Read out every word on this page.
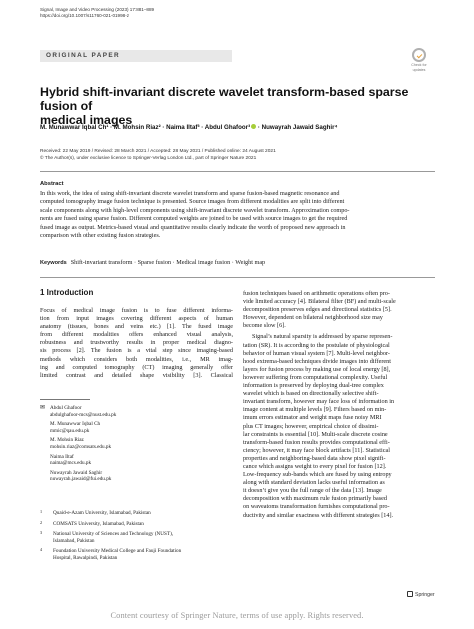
Signal, Image and Video Processing (2023) 17:881–889
https://doi.org/10.1007/s11760-021-01998-z
ORIGINAL PAPER
Check for
updates
Hybrid shift-invariant discrete wavelet transform-based sparse fusion of
medical images
M. Munawwar Iqbal Ch¹ · M. Mohsin Riaz² · Naima Iltaf³ · Abdul Ghafoor³ · Nuwayrah Jawaid Saghir⁴
Received: 22 May 2019 / Revised: 28 March 2021 / Accepted: 28 May 2021 / Published online: 24 August 2021
© The Author(s), under exclusive licence to Springer-Verlag London Ltd., part of Springer Nature 2021
Abstract
In this work, the idea of using shift-invariant discrete wavelet transform and sparse fusion-based magnetic resonance and
computed tomography image fusion technique is presented. Source images from different modalities are split into different
scale components along with high-level components using shift-invariant discrete wavelet transform. Approximation compo-
nents are fused using sparse fusion. Different computed weights are joined to be used with source images to get the required
fused image as output. Metrics-based visual and quantitative results clearly indicate the worth of proposed new approach in
comparison with other existing fusion strategies.
Keywords Shift-invariant transform · Sparse fusion · Medical image fusion · Weight map
1 Introduction
Focus of medical image fusion is to fuse different informa-
tion from input images covering different aspects of human
anatomy (tissues, bones and veins etc.) [1]. The fused image
from different modalities offers enhanced visual analysis,
robustness and trustworthy results in proper medical diagno-
sis process [2]. The fusion is a vital step since imaging-based
methods which considers both modalities, i.e., MR imag-
ing and computed tomography (CT) imaging generally offer
limited contrast and detailed shape visibility [3]. Classical
fusion techniques based on arithmetic operations often pro-
vide limited accuracy [4]. Bilateral filter (BF) and multi-scale
decomposition preserves edges and directional statistics [5].
However, dependent on bilateral neighborhood size may
become slow [6].
Signal’s natural sparsity is addressed by sparse represen-
tation (SR). It is according to the postulate of physiological
behavior of human visual system [7]. Multi-level neighbor-
hood extrema-based techniques divide images into different
layers for fusion process by making use of local energy [8],
however suffering from computational complexity. Useful
information is preserved by deploying dual-tree complex
wavelet which is based on directionally selective shift-
invariant transform, however may face loss of information in
image content at multiple levels [9]. Filters based on min-
imum errors estimator and weight maps fuse noisy MRI
plus CT images; however, empirical choice of dissimi-
lar constraints is essential [10]. Multi-scale discrete cosine
transform-based fusion results provides computational effi-
ciency; however, it may face block artifacts [11]. Statistical
properties and neighboring-based data show pixel signifi-
cance which assigns weight to every pixel for fusion [12].
Low-frequency sub-bands which are fused by using entropy
along with standard deviation lacks useful information as
it doesn’t give you the full range of the data [13]. Image
decomposition with maximum rule fusion primarily based
on waveatoms transformation furnishes computational pro-
ductivity and similar exactness with different strategies [14].
✉ Abdul Ghafoor
abdulghafoor-mcs@nust.edu.pk
M. Munawwar Iqbal Ch
mmic@qau.edu.pk
M. Mohsin Riaz
mohsin.riaz@comsats.edu.pk
Naima Iltaf
naima@mcs.edu.pk
Nuwayrah Jawaid Saghir
nuwayrah.jawaid@fui.edu.pk
1 Quaid-e-Azam University, Islamabad, Pakistan
2 COMSATS University, Islamabad, Pakistan
3 National University of Sciences and Technology (NUST),
Islamabad, Pakistan
4 Foundation University Medical College and Fauji Foundation
Hospital, Rawalpindi, Pakistan
Springer
Content courtesy of Springer Nature, terms of use apply. Rights reserved.
